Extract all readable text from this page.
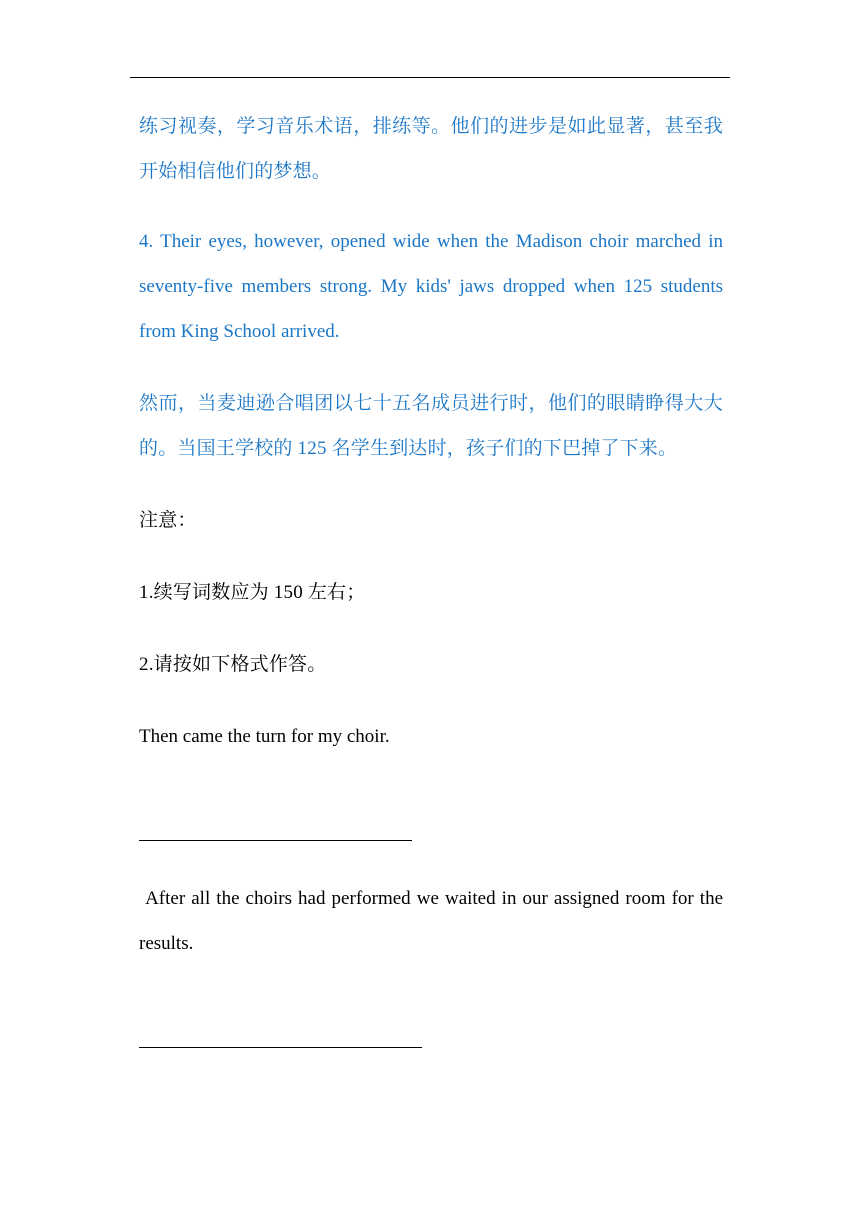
练习视奏，学习音乐术语，排练等。他们的进步是如此显著，甚至我开始相信他们的梦想。

4. Their eyes, however, opened wide when the Madison choir marched in seventy-five members strong. My kids' jaws dropped when 125 students from King School arrived.

然而，当麦迪逊合唱团以七十五名成员进行时，他们的眼睛睁得大大的。当国王学校的 125 名学生到达时，孩子们的下巴掉了下来。

注意：

1.续写词数应为 150 左右；

2.请按如下格式作答。

Then came the turn for my choir.

After all the choirs had performed we waited in our assigned room for the results.
